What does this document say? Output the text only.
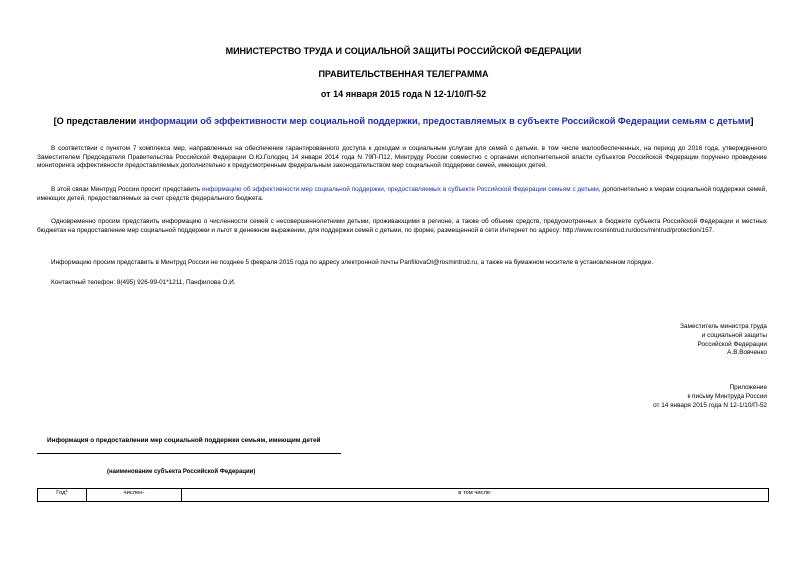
МИНИСТЕРСТВО ТРУДА И СОЦИАЛЬНОЙ ЗАЩИТЫ РОССИЙСКОЙ ФЕДЕРАЦИИ
ПРАВИТЕЛЬСТВЕННАЯ ТЕЛЕГРАММА
от 14 января 2015 года N 12-1/10/П-52
[О представлении информации об эффективности мер социальной поддержки, предоставляемых в субъекте Российской Федерации семьям с детьми]
В соответствии с пунктом 7 комплекса мер, направленных на обеспечение гарантированного доступа к доходам и социальным услугам для семей с детьми, в том числе малообеспеченных, на период до 2016 года, утвержденного Заместителем Председателя Правительства Российской Федерации О.Ю.Голодец 14 января 2014 года N 79П-П12, Минтруду России совместно с органами исполнительной власти субъектов Российской Федерации поручено проведение мониторинга эффективности предоставляемых дополнительно к предусмотренным федеральным законодательством мер социальной поддержки семей, имеющих детей.
В этой связи Минтруд России просит представить информацию об эффективности мер социальной поддержки, предоставляемых в субъекте Российской Федерации семьям с детьми, дополнительно к мерам социальной поддержки семей, имеющих детей, предоставляемых за счет средств федерального бюджета.
Одновременно просим представить информацию о численности семей с несовершеннолетними детьми, проживающими в регионе, а также об объеме средств, предусмотренных в бюджете субъекта Российской Федерации и местных бюджетах на предоставление мер социальной поддержки и льгот в денежном выражении, для поддержки семей с детьми, по форме, размещенной в сети Интернет по адресу: http://www.rosmintrud.ru/docs/mintrud/protection/157.
Информацию просим представить в Минтруд России не позднее 5 февраля 2015 года по адресу электронной почты PanfilovaOI@rosmintrud.ru, а также на бумажном носителе в установленном порядке.
Контактный телефон: 8(495) 926-99-01*1211, Панфилова О.И.
Заместитель министра труда
и социальной защиты
Российской Федерации
А.В.Вовченко
Приложение
к письму Минтруда России
от 14 января 2015 года N 12-1/10/П-52
Информация о предоставлении мер социальной поддержки семьям, имеющим детей
(наименование субъекта Российской Федерации)
Год*	числен-	в том числе:
